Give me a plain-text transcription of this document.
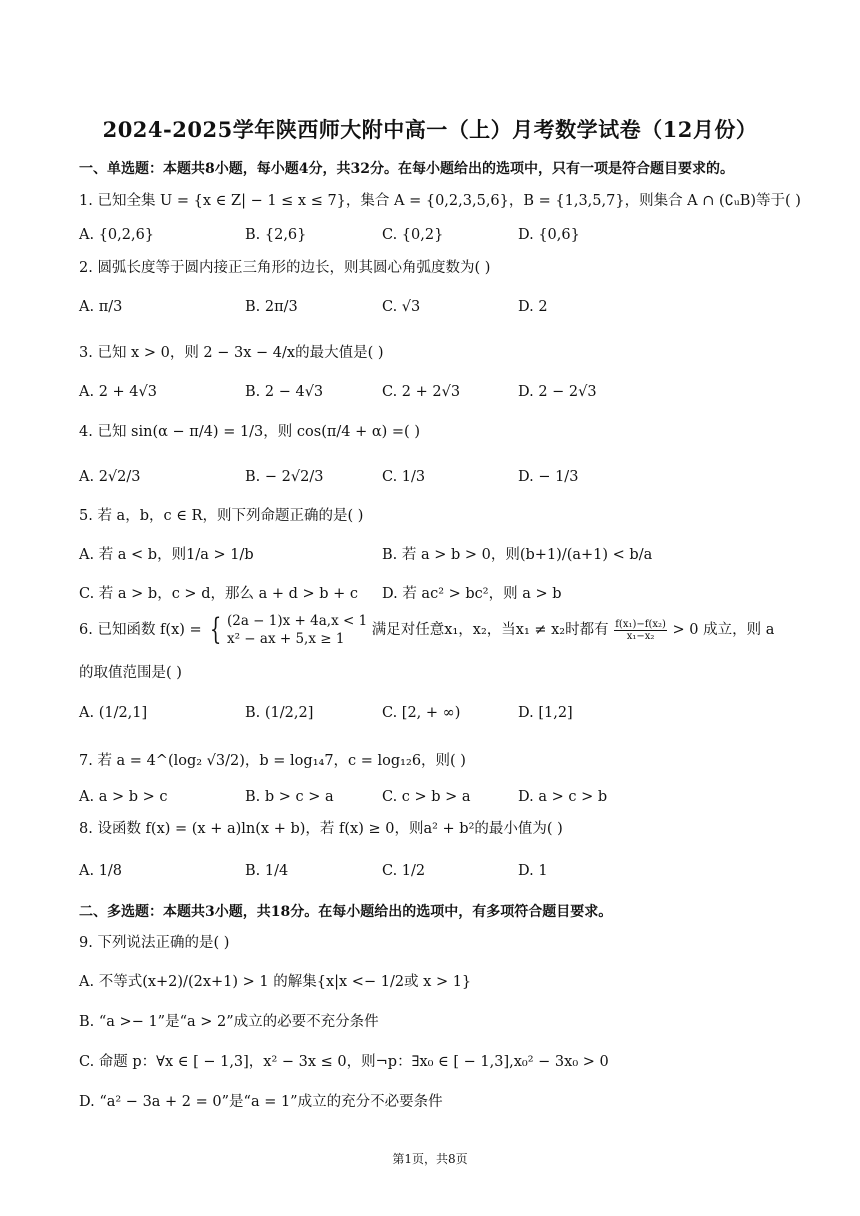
2024-2025学年陕西师大附中高一（上）月考数学试卷（12月份）
一、单选题：本题共8小题，每小题4分，共32分。在每小题给出的选项中，只有一项是符合题目要求的。
1. 已知全集 U = {x ∈ Z| − 1 ≤ x ≤ 7}，集合 A = {0,2,3,5,6}，B = {1,3,5,7}，则集合 A ∩ (∁ᵤB)等于( )
A. {0,2,6}	B. {2,6}	C. {0,2}	D. {0,6}
2. 圆弧长度等于圆内接正三角形的边长，则其圆心角弧度数为( )
A. π/3	B. 2π/3	C. √3	D. 2
3. 已知 x > 0，则 2 − 3x − 4/x的最大值是( )
A. 2 + 4√3	B. 2 − 4√3	C. 2 + 2√3	D. 2 − 2√3
4. 已知 sin(α − π/4) = 1/3，则 cos(π/4 + α) =( )
A. 2√2/3	B. − 2√2/3	C. 1/3	D. − 1/3
5. 若 a，b，c ∈ R，则下列命题正确的是( )
A. 若 a < b，则1/a > 1/b	B. 若 a > b > 0，则(b+1)/(a+1) < b/a
C. 若 a > b，c > d，那么 a + d > b + c D. 若 ac² > bc²，则 a > b
6. 已知函数 f(x) = { (2a − 1)x + 4a,x < 1
x² − ax + 5,x ≥ 1
满足对任意x₁，x₂，当x₁ ≠ x₂时都有 $\frac{\text{f(x₁)−f(x₂)}}{\text{x₁−x₂}} > 0$ 成立，则 a
的取值范围是( )
A. (1/2,1]	B. (1/2,2]	C. [2, + ∞)	D. [1,2]
7. 若 a = 4^(log₂ √3/2)，b = log₁₄7，c = log₁₂6，则( )
A. a > b > c	B. b > c > a	C. c > b > a	D. a > c > b
8. 设函数 f(x) = (x + a)ln(x + b)，若 f(x) ≥ 0，则a² + b²的最小值为( )
A. 1/8	B. 1/4	C. 1/2	D. 1
二、多选题：本题共3小题，共18分。在每小题给出的选项中，有多项符合题目要求。
9. 下列说法正确的是( )
A. 不等式(x+2)/(2x+1) > 1 的解集{x|x <− 1/2或 x > 1}
B. “a >− 1”是“a > 2”成立的必要不充分条件
C. 命题 p：∀x ∈ [ − 1,3]，x² − 3x ≤ 0，则¬p：∃x₀ ∈ [ − 1,3],x₀² − 3x₀ > 0
D. “a² − 3a + 2 = 0”是“a = 1”成立的充分不必要条件
第1页，共8页
